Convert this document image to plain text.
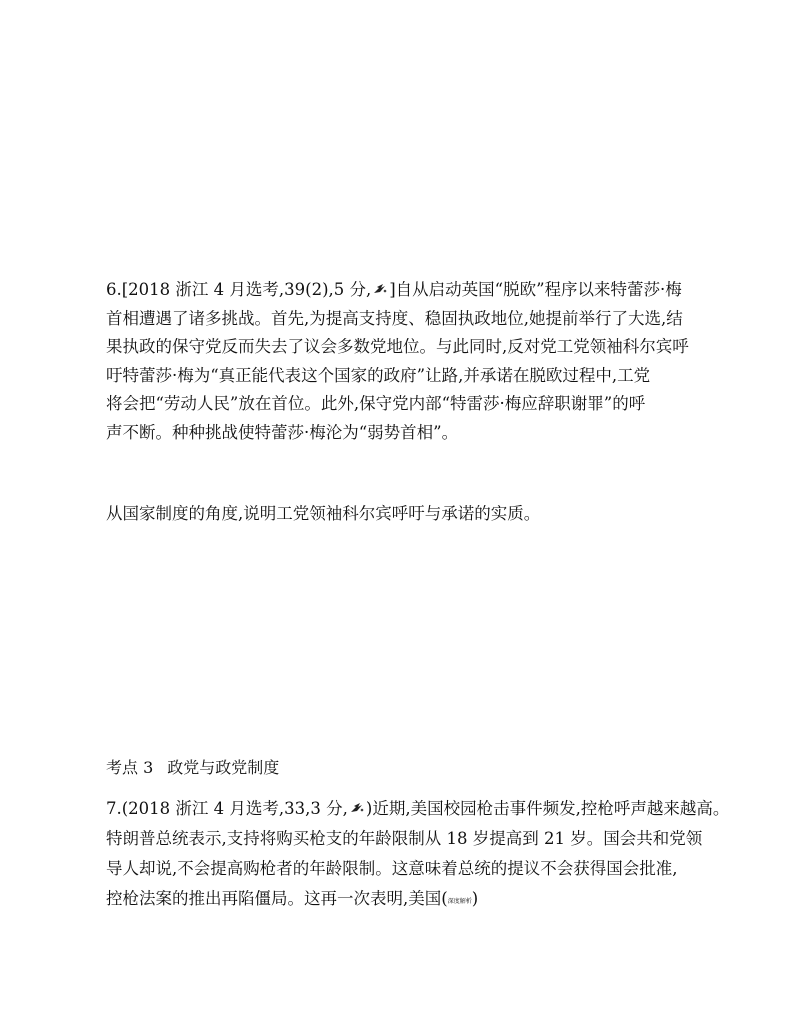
6.[2018 浙江 4 月选考,39(2),5 分, ]自从启动英国“脱欧”程序以来特蕾莎·梅
首相遭遇了诸多挑战。首先,为提高支持度、稳固执政地位,她提前举行了大选,结
果执政的保守党反而失去了议会多数党地位。与此同时,反对党工党领袖科尔宾呼
吁特蕾莎·梅为“真正能代表这个国家的政府”让路,并承诺在脱欧过程中,工党
将会把“劳动人民”放在首位。此外,保守党内部“特雷莎·梅应辞职谢罪”的呼
声不断。种种挑战使特蕾莎·梅沦为“弱势首相”。
从国家制度的角度,说明工党领袖科尔宾呼吁与承诺的实质。
考点 3 政党与政党制度
7.(2018 浙江 4 月选考,33,3 分, )近期,美国校园枪击事件频发,控枪呼声越来越高。
特朗普总统表示,支持将购买枪支的年龄限制从 18 岁提高到 21 岁。国会共和党领
导人却说,不会提高购枪者的年龄限制。这意味着总统的提议不会获得国会批准,
控枪法案的推出再陷僵局。这再一次表明,美国(深度解析)
